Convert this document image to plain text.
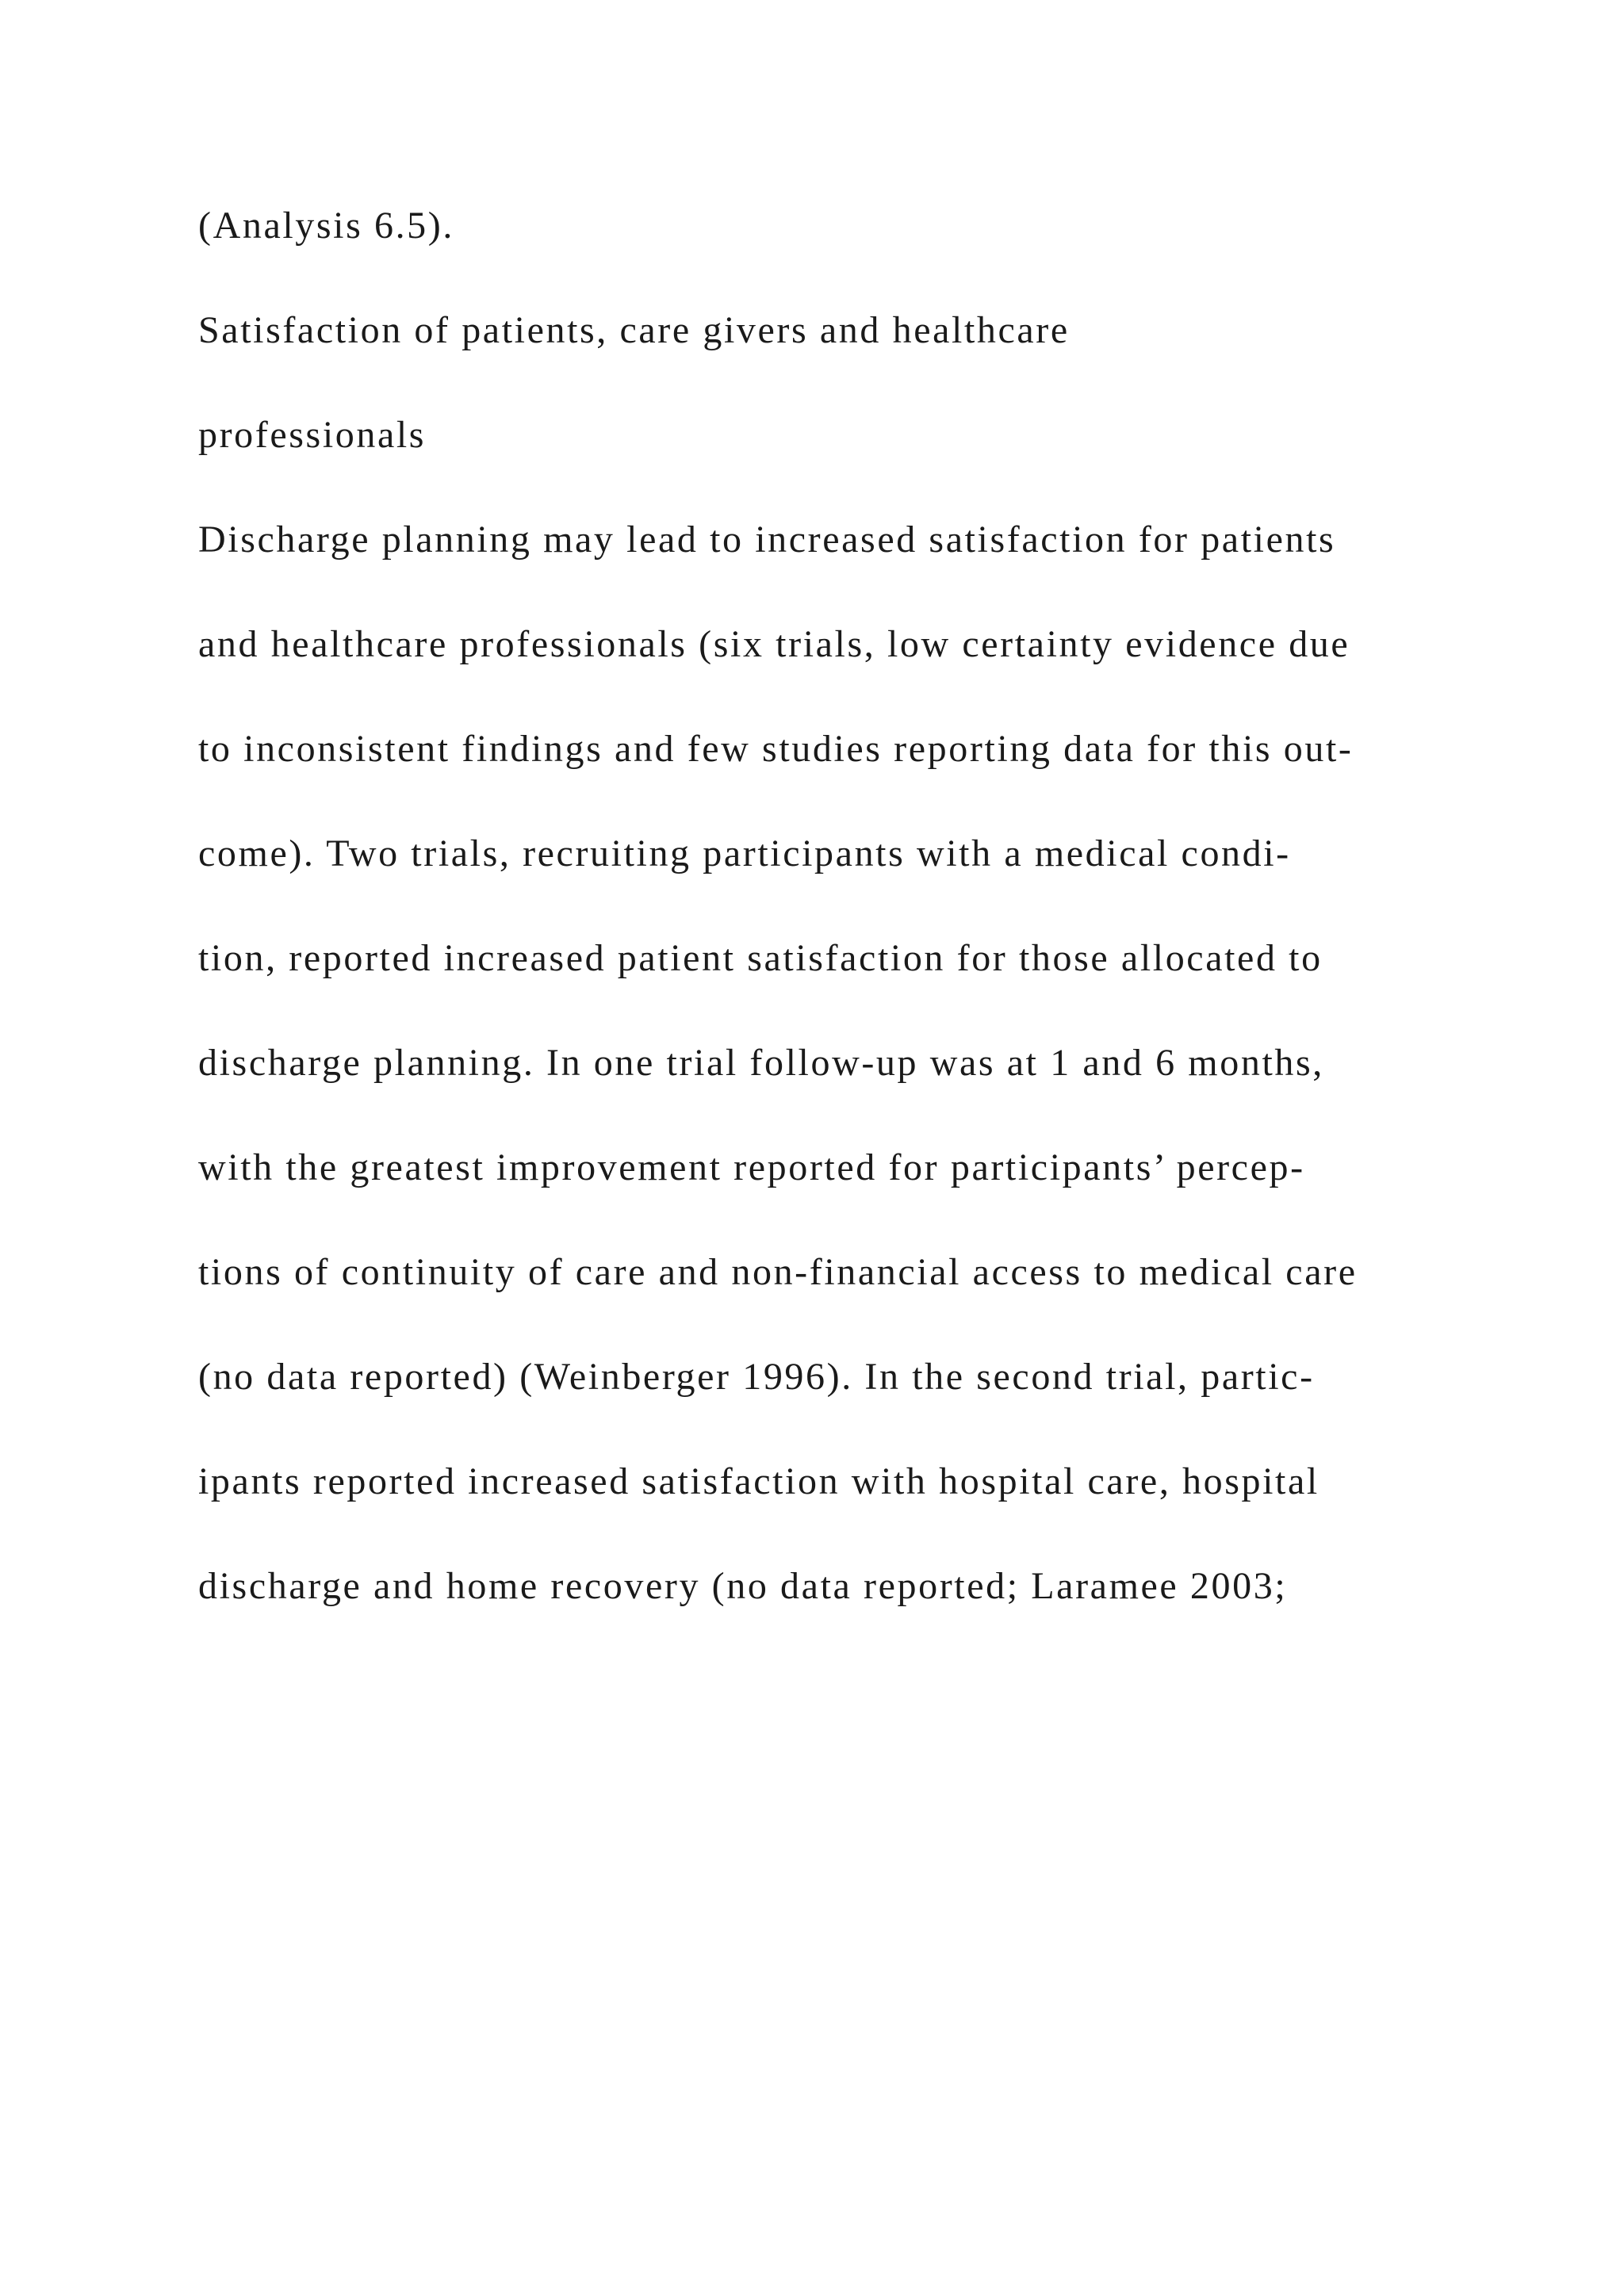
(Analysis 6.5).

Satisfaction of patients, care givers and healthcare

professionals

Discharge planning may lead to increased satisfaction for patients

and healthcare professionals (six trials, low certainty evidence due

to inconsistent findings and few studies reporting data for this out-

come). Two trials, recruiting participants with a medical condi-

tion, reported increased patient satisfaction for those allocated to

discharge planning. In one trial follow-up was at 1 and 6 months,

with the greatest improvement reported for participants’ percep-

tions of continuity of care and non-financial access to medical care

(no data reported) (Weinberger 1996). In the second trial, partic-

ipants reported increased satisfaction with hospital care, hospital

discharge and home recovery (no data reported; Laramee 2003;
